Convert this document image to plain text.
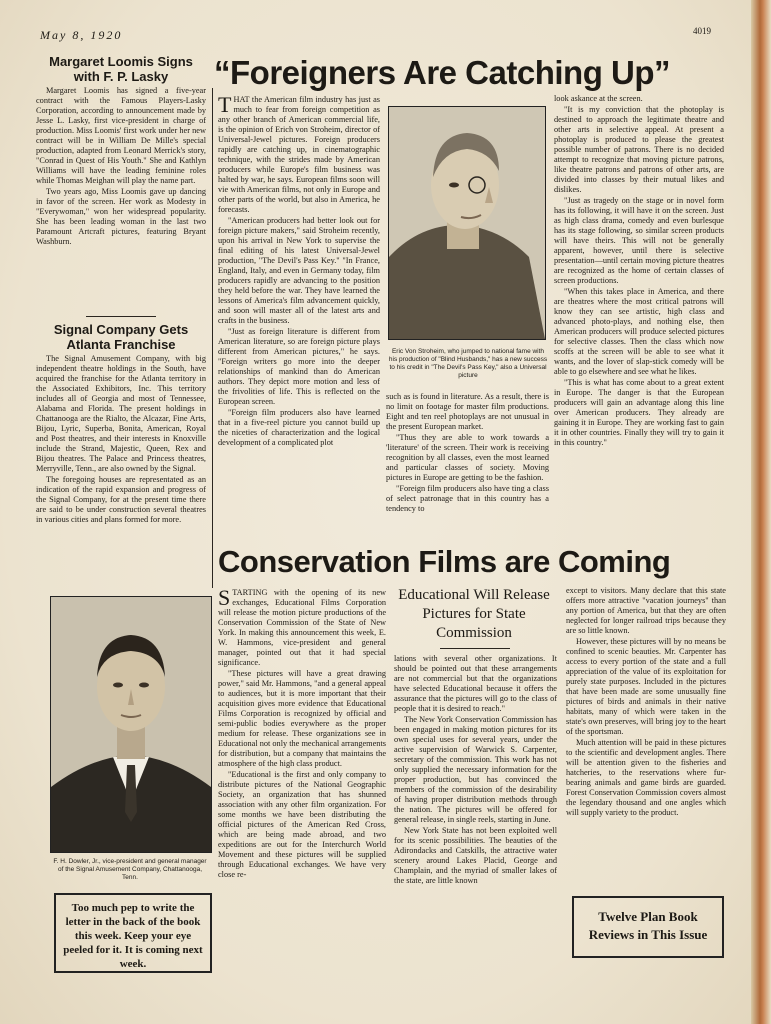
May 8, 1920	4019
Margaret Loomis Signs with F. P. Lasky

Margaret Loomis has signed a five-year contract with the Famous Players-Lasky Corporation, according to announcement made by Jesse L. Lasky, first vice-president in charge of production. Miss Loomis' first work under her new contract will be in William De Mille's special production, adapted from Leonard Merrick's story, "Conrad in Quest of His Youth." She and Kathlyn Williams will have the leading feminine roles while Thomas Meighan will play the name part.

Two years ago, Miss Loomis gave up dancing in favor of the screen. Her work as Modesty in "Everywoman," won her widespread popularity. She has been leading woman in the last two Paramount Artcraft pictures, featuring Bryant Washburn.

Signal Company Gets Atlanta Franchise

The Signal Amusement Company, with big independent theatre holdings in the South, have acquired the franchise for the Atlanta territory in the Associated Exhibitors, Inc. This territory includes all of Georgia and most of Tennessee, Alabama and Florida. The present holdings in Chattanooga are the Rialto, the Alcazar, Fine Arts, Bijou, Lyric, Superba, Bonita, American, Royal and Post theatres, and their interests in Knoxville include the Strand, Majestic, Queen, Rex and Bijou theatres. The Palace and Princess theatres, Merryville, Tenn., are also owned by the Signal.

The foregoing houses are representated as an indication of the rapid expansion and progress of the Signal Company, for at the present time there are said to be under construction several theatres in various cities and plans formed for more.

F. H. Dowler, Jr., vice-president and general manager of the Signal Amusement Company, Chattanooga, Tenn.
Too much pep to write the letter in the back of the book this week. Keep your eye peeled for it. It is coming next week.
“Foreigners Are Catching Up”

THAT the American film industry has just as much to fear from foreign competition as any other branch of American commercial life, is the opinion of Erich von Stroheim, director of Universal-Jewel pictures. Foreign producers rapidly are catching up, in cinematographic technique, with the strides made by American producers while Europe's film business was halted by war, he says. European films soon will vie with American films, not only in Europe and other parts of the world, but also in America, he forecasts.

"American producers had better look out for foreign picture makers," said Stroheim recently, upon his arrival in New York to supervise the final editing of his latest Universal-Jewel production, "The Devil's Pass Key." "In France, England, Italy, and even in Germany today, film producers rapidly are advancing to the position they held before the war. They have learned the lessons of America's film advancement quickly, and soon will master all of the latest arts and crafts in the business.

"Just as foreign literature is different from American literature, so are foreign picture plays different from American pictures," he says. "Foreign writers go more into the deeper relationships of mankind than do American authors. They depict more motion and less of the frivolities of life. This is reflected on the European screen.

"Foreign film producers also have learned that in a five-reel picture you cannot build up the niceties of characterization and the logical development of a complicated plot

Eric Von Stroheim, who jumped to national fame with his production of "Blind Husbands," has a new success to his credit in "The Devil's Pass Key," also a Universal picture

such as is found in literature. As a result, there is no limit on footage for master film productions. Eight and ten reel photoplays are not unusual in the present European market.

"Thus they are able to work towards a 'literature' of the screen. Their work is receiving recognition by all classes, even the most learned and particular classes of society. Moving pictures in Europe are getting to be the fashion.

"Foreign film producers also have ting a class of select patronage that in this country has a tendency to

look askance at the screen.

"It is my conviction that the photoplay is destined to approach the legitimate theatre and other arts in selective appeal. At present a photoplay is produced to please the greatest possible number of patrons. There is no decided attempt to recognize that moving picture patrons, like theatre patrons and patrons of other arts, are divided into classes by their mutual likes and dislikes.

"Just as tragedy on the stage or in novel form has its following, it will have it on the screen. Just as high class drama, comedy and even burlesque has its stage following, so similar screen products will have theirs. This will not be generally apparent, however, until there is selective presentation—until certain moving picture theatres are recognized as the home of certain classes of screen productions.

"When this takes place in America, and there are theatres where the most critical patrons will know they can see artistic, high class and advanced photo-plays, and nothing else, then American producers will produce selected pictures for selective classes. Then the class which now scoffs at the screen will be able to see what it wants, and the lover of slap-stick comedy will be able to go elsewhere and see what he likes.

"This is what has come about to a great extent in Europe. The danger is that the European producers will gain an advantage along this line over American producers. They already are gaining it in Europe. They are working fast to gain it in other countries. Finally they will try to gain it in this country."

Conservation Films are Coming

STARTING with the opening of its new exchanges, Educational Films Corporation will release the motion picture productions of the Conservation Commission of the State of New York. In making this announcement this week, E. W. Hammons, vice-president and general manager, pointed out that it had special significance.

"These pictures will have a great drawing power," said Mr. Hammons, "and a general appeal to audiences, but it is more important that their acquisition gives more evidence that Educational Films Corporation is recognized by official and semi-public bodies everywhere as the proper medium for release. These organizations see in Educational not only the mechanical arrangements for distribution, but a company that maintains the atmosphere of the high class product.

"Educational is the first and only company to distribute pictures of the National Geographic Society, an organization that has shunned association with any other film organization. For some months we have been distributing the official pictures of the American Red Cross, which are being made abroad, and two expeditions are out for the Interchurch World Movement and these pictures will be supplied through Educational exchanges. We have very close re-

Educational Will Release Pictures for State Commission

lations with several other organizations. It should be pointed out that these arrangements are not commercial but that the organizations have selected Educational because it offers the assurance that the pictures will go to the class of people that it is desired to reach."

The New York Conservation Commission has been engaged in making motion pictures for its own special uses for several years, under the active supervision of Warwick S. Carpenter, secretary of the commission. This work has not only supplied the necessary information for the proper production, but has convinced the members of the commission of the desirability of having proper distribution methods through the nation. The pictures will be offered for general release, in single reels, starting in June.

New York State has not been exploited well for its scenic possibilities. The beauties of the Adirondacks and Catskills, the attractive water scenery around Lakes Placid, George and Champlain, and the myriad of smaller lakes of the state, are little known

except to visitors. Many declare that this state offers more attractive "vacation journeys" than any portion of America, but that they are often neglected for longer railroad trips because they are so little known.

However, these pictures will by no means be confined to scenic beauties. Mr. Carpenter has access to every portion of the state and a full appreciation of the value of its exploitation for purely state purposes. Included in the pictures that have been made are some unusually fine pictures of birds and animals in their native habitats, many of which were taken in the state's own preserves, will bring joy to the heart of the sportsman.

Much attention will be paid in these pictures to the scientific and development angles. There will be attention given to the fisheries and hatcheries, to the reservations where fur-bearing animals and game birds are guarded. Forest Conservation Commission covers almost the legendary thousand and one angles which will supply variety to the product.

Twelve Plan Book Reviews in This Issue
